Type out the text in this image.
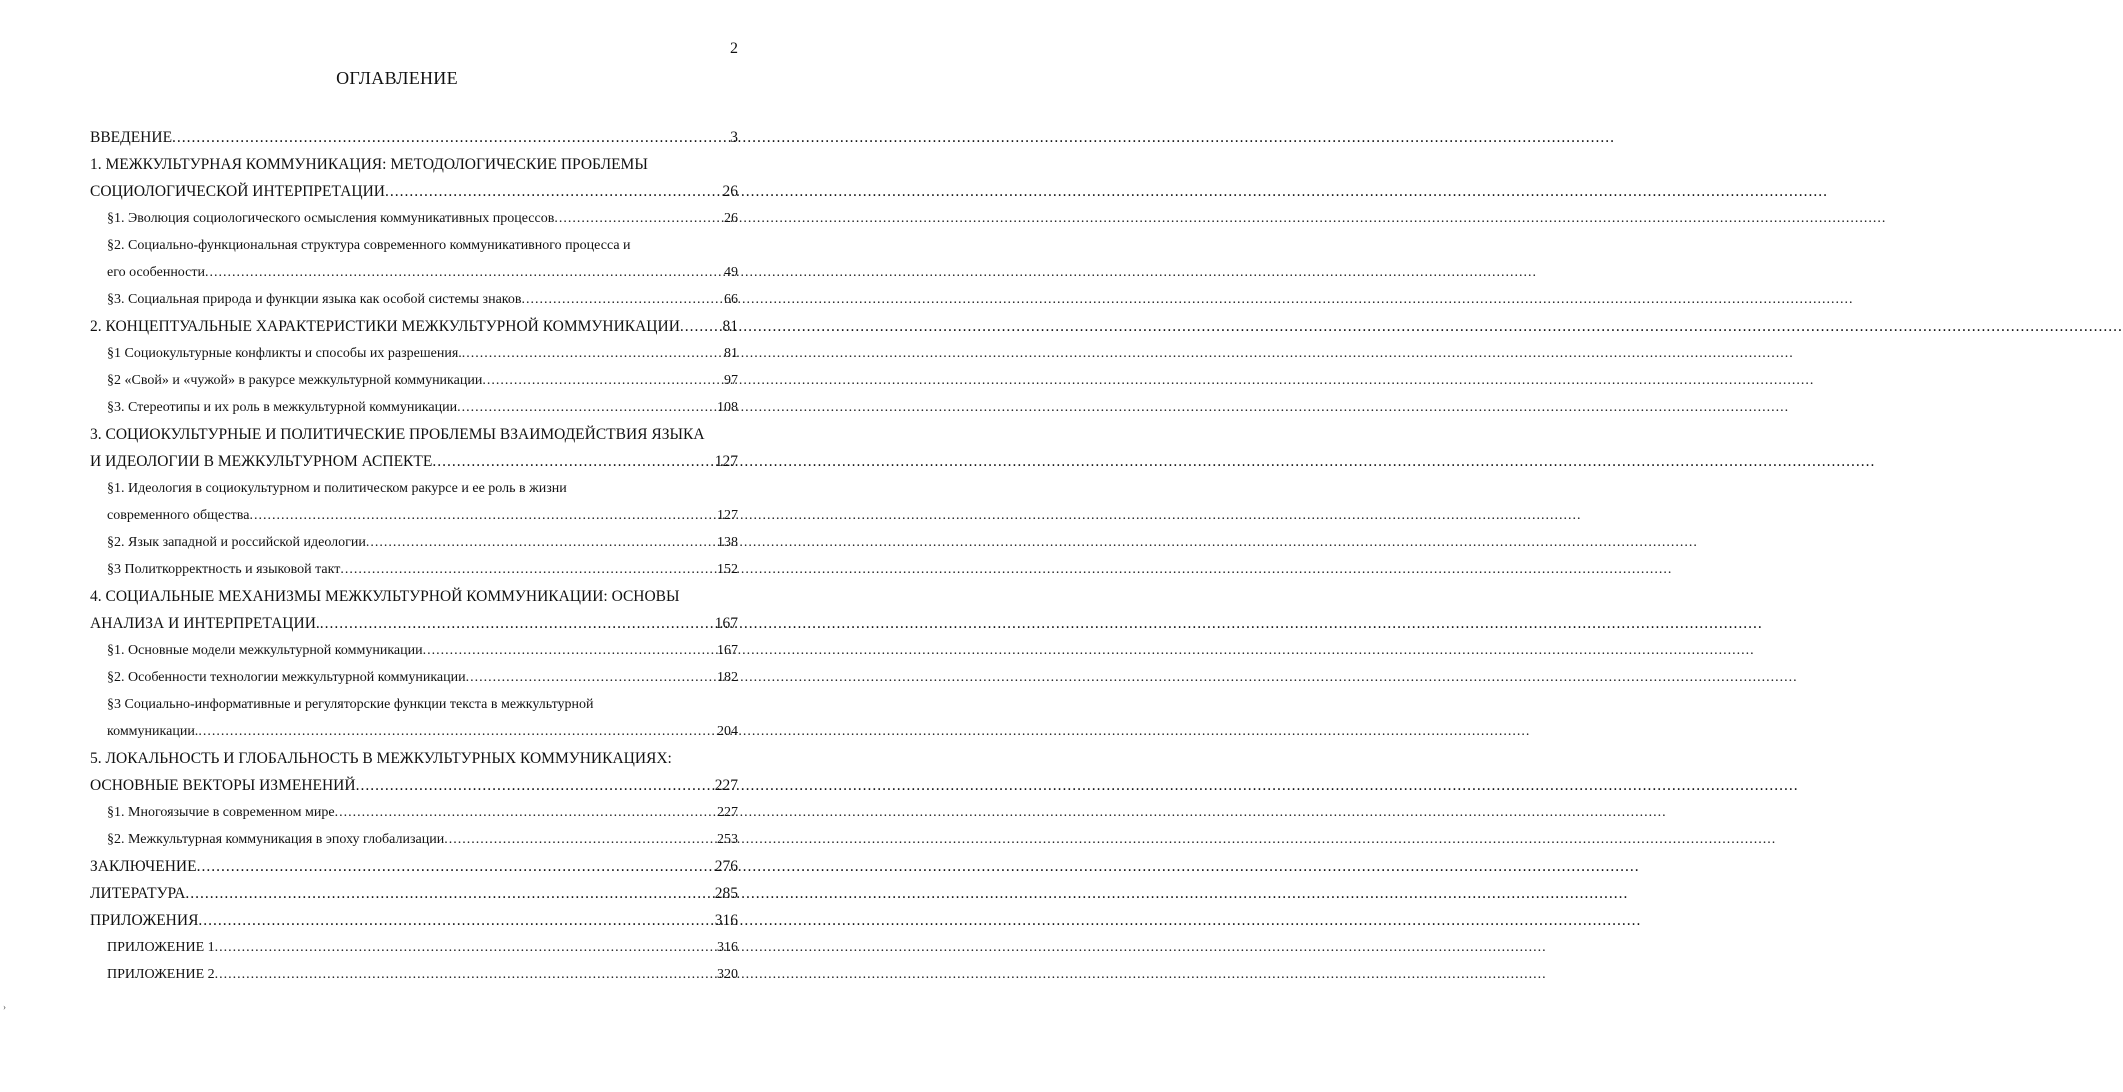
2
ОГЛАВЛЕНИЕ
ВВЕДЕНИЕ .....	3
1. МЕЖКУЛЬТУРНАЯ КОММУНИКАЦИЯ: МЕТОДОЛОГИЧЕСКИЕ ПРОБЛЕМЫ
СОЦИОЛОГИЧЕСКОЙ ИНТЕРПРЕТАЦИИ .....	26
§1. Эволюция социологического осмысления коммуникативных процессов .....	26
§2. Социально-функциональная структура современного коммуникативного процесса и
его особенности .....	49
§3. Социальная природа и функции языка как особой системы знаков .....	66
2. КОНЦЕПТУАЛЬНЫЕ ХАРАКТЕРИСТИКИ МЕЖКУЛЬТУРНОЙ КОММУНИКАЦИИ .....	81
§1 Социокультурные конфликты и способы их разрешения. .....	81
§2 «Свой» и «чужой» в ракурсе межкультурной коммуникации .....	97
§3. Стереотипы и их роль в межкультурной коммуникации .....	108
3. СОЦИОКУЛЬТУРНЫЕ И ПОЛИТИЧЕСКИЕ ПРОБЛЕМЫ ВЗАИМОДЕЙСТВИЯ ЯЗЫКА
И ИДЕОЛОГИИ В МЕЖКУЛЬТУРНОМ АСПЕКТЕ .....	127
§1. Идеология в социокультурном и политическом ракурсе и ее роль в жизни
современного общества .....	127
§2. Язык западной и российской идеологии .....	138
§3 Политкорректность и языковой такт .....	152
4. СОЦИАЛЬНЫЕ МЕХАНИЗМЫ МЕЖКУЛЬТУРНОЙ КОММУНИКАЦИИ: ОСНОВЫ
АНАЛИЗА И ИНТЕРПРЕТАЦИИ. .....	167
§1. Основные модели межкультурной коммуникации .....	167
§2. Особенности технологии межкультурной коммуникации .....	182
§3 Социально-информативные и регуляторские функции текста в межкультурной
коммуникации. .....	204
5. ЛОКАЛЬНОСТЬ И ГЛОБАЛЬНОСТЬ В МЕЖКУЛЬТУРНЫХ КОММУНИКАЦИЯХ:
ОСНОВНЫЕ ВЕКТОРЫ ИЗМЕНЕНИЙ .....	227
§1. Многоязычие в современном мире .....	227
§2. Межкультурная коммуникация в эпоху глобализации .....	253
ЗАКЛЮЧЕНИЕ .....	276
ЛИТЕРАТУРА .....	285
ПРИЛОЖЕНИЯ .....	316
ПРИЛОЖЕНИЕ 1 .....	316
ПРИЛОЖЕНИЕ 2 .....	320
›
